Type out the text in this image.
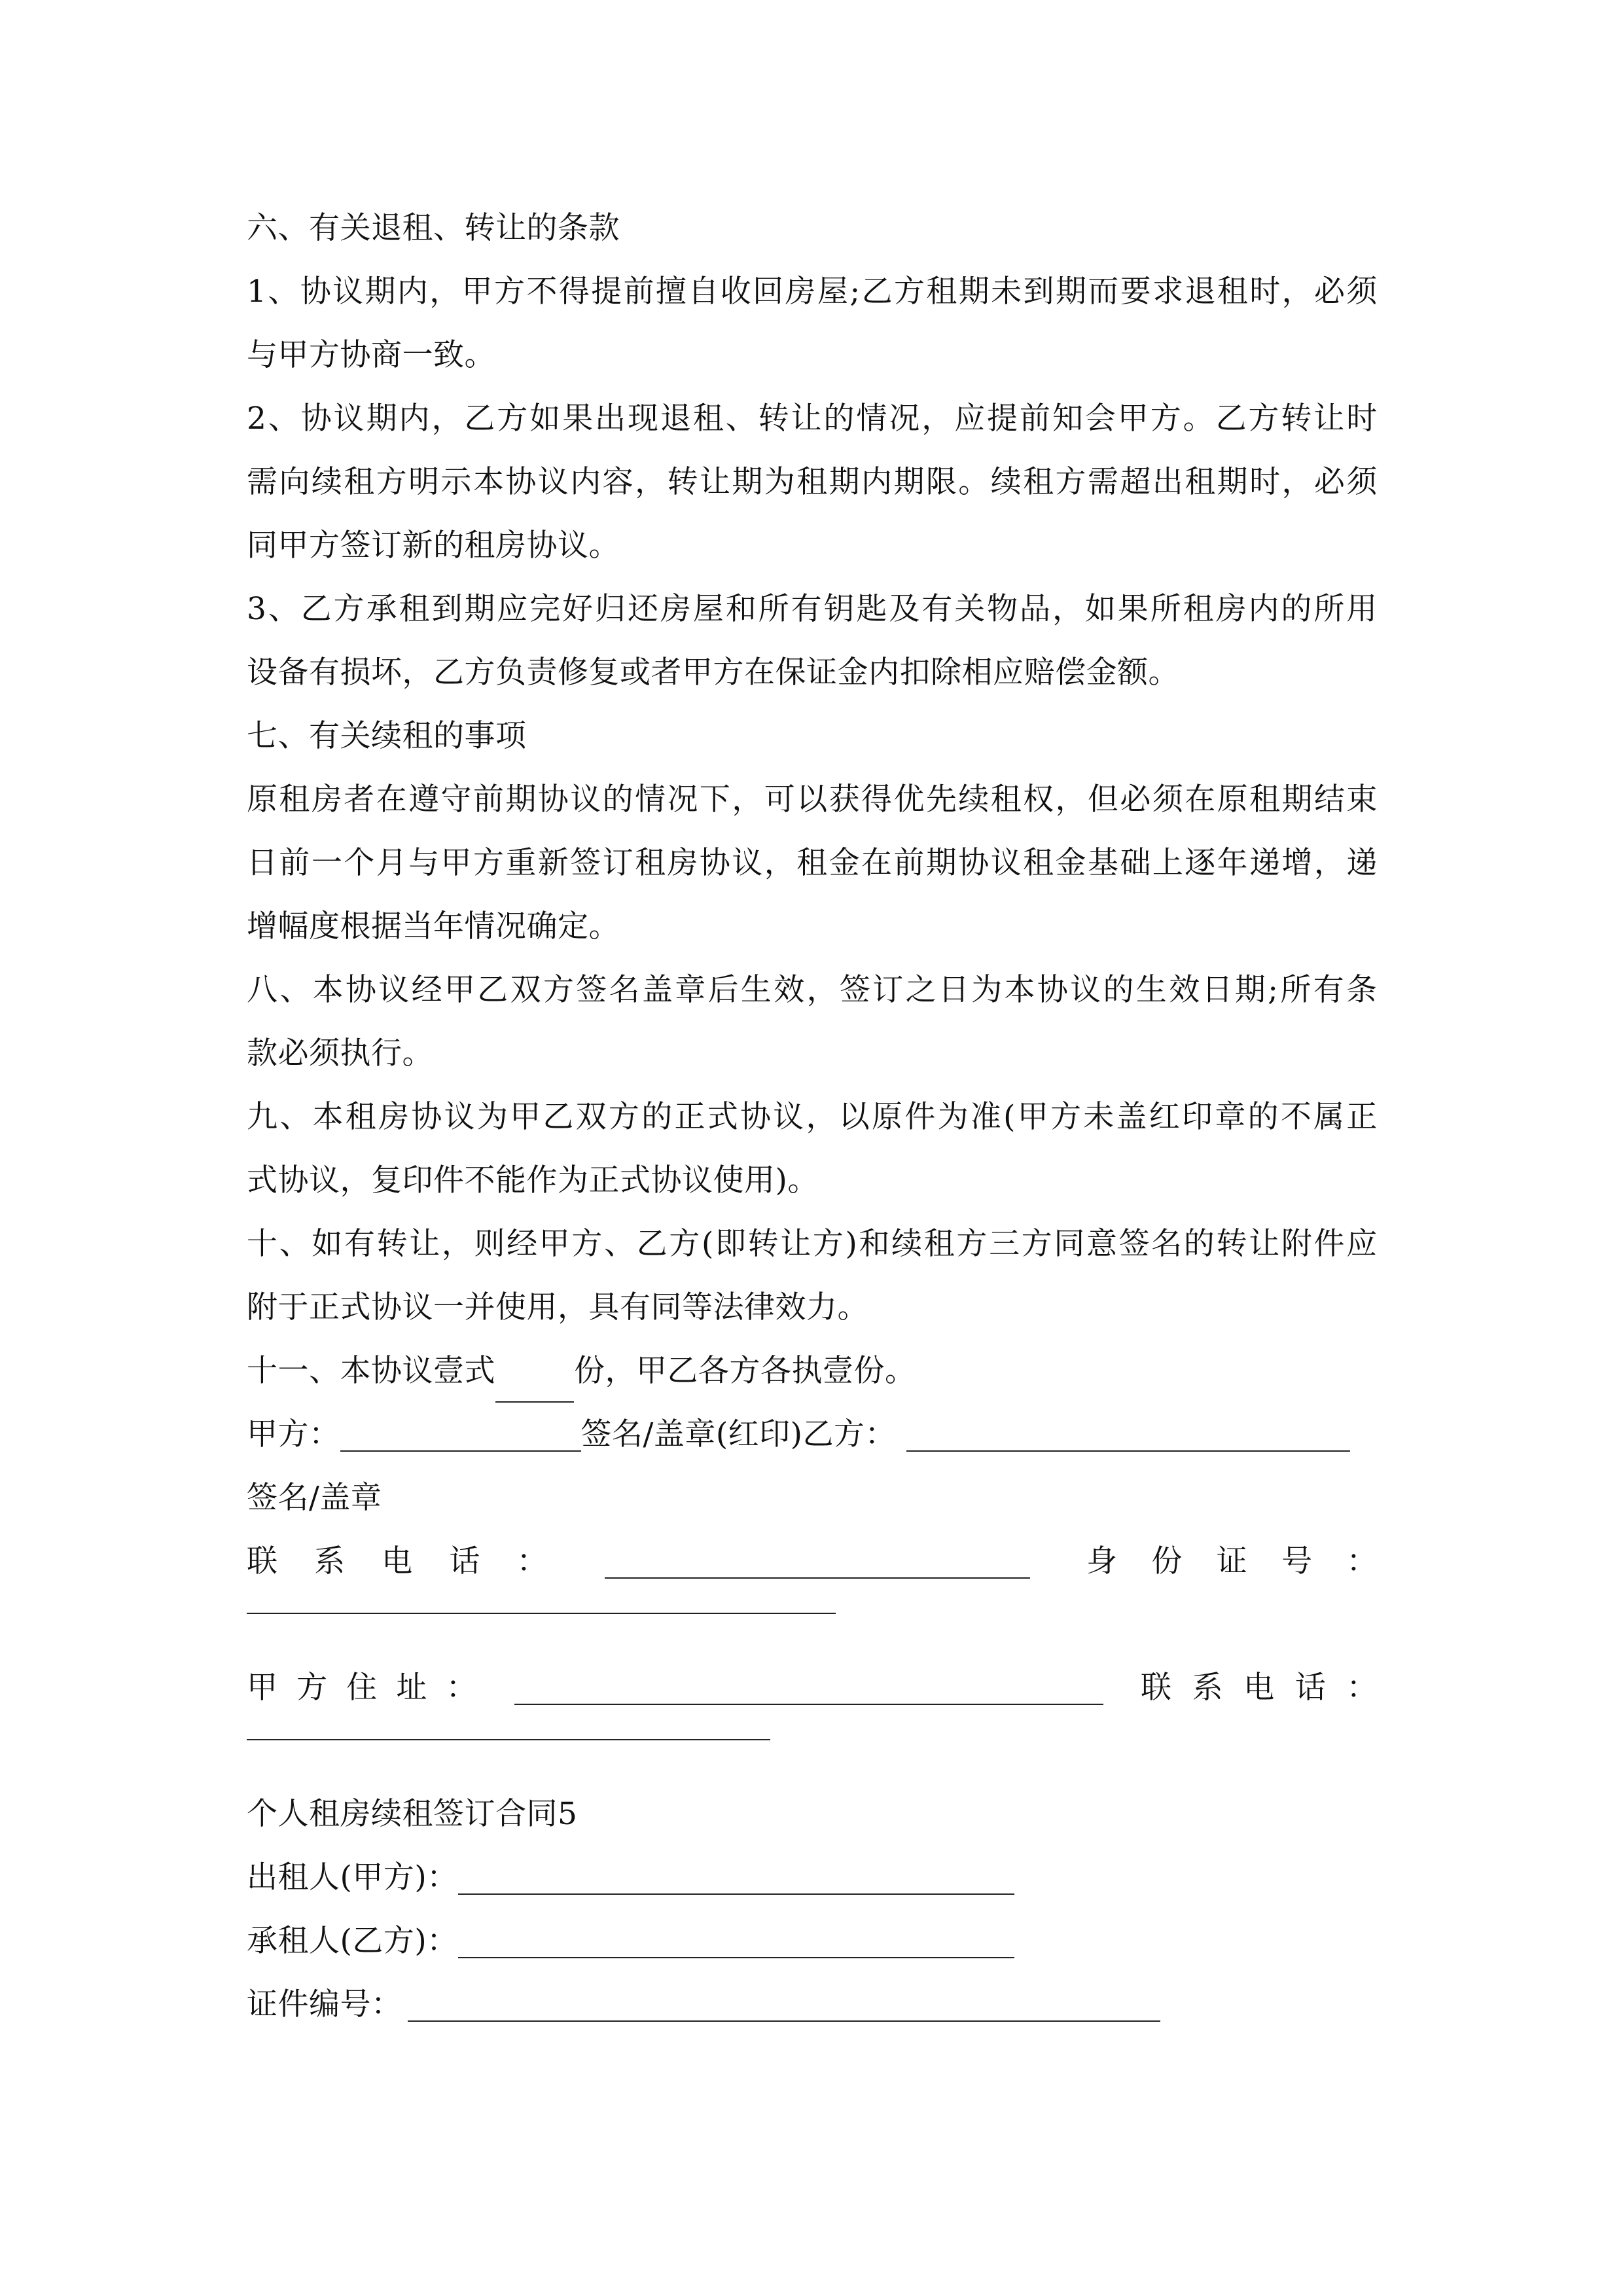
六、有关退租、转让的条款
1 、 协 议 期 内 ， 甲 方 不 得 提 前 擅 自 收 回 房 屋 ; 乙 方 租 期 未 到 期 而 要 求 退 租 时 ， 必 须
与甲方协商一致。
2 、 协 议 期 内 ， 乙 方 如 果 出 现 退 租 、 转 让 的 情 况 ， 应 提 前 知 会 甲 方 。 乙 方 转 让 时
需 向 续 租 方 明 示 本 协 议 内 容 ， 转 让 期 为 租 期 内 期 限 。 续 租 方 需 超 出 租 期 时 ， 必 须
同甲方签订新的租房协议。
3 、 乙 方 承 租 到 期 应 完 好 归 还 房 屋 和 所 有 钥 匙 及 有 关 物 品 ， 如 果 所 租 房 内 的 所 用
设备有损坏，乙方负责修复或者甲方在保证金内扣除相应赔偿金额。
七、有关续租的事项
原 租 房 者 在 遵 守 前 期 协 议 的 情 况 下 ， 可 以 获 得 优 先 续 租 权 ， 但 必 须 在 原 租 期 结 束
日 前 一 个 月 与 甲 方 重 新 签 订 租 房 协 议 ， 租 金 在 前 期 协 议 租 金 基 础 上 逐 年 递 增 ， 递
增幅度根据当年情况确定。
八 、 本 协 议 经 甲 乙 双 方 签 名 盖 章 后 生 效 ， 签 订 之 日 为 本 协 议 的 生 效 日 期 ; 所 有 条
款必须执行。
九 、 本 租 房 协 议 为 甲 乙 双 方 的 正 式 协 议 ， 以 原 件 为 准 ( 甲 方 未 盖 红 印 章 的 不 属 正
式协议，复印件不能作为正式协议使用)。
十 、 如 有 转 让 ， 则 经 甲 方 、 乙 方 ( 即 转 让 方 ) 和 续 租 方 三 方 同 意 签 名 的 转 让 附 件 应
附于正式协议一并使用，具有同等法律效力。
十一、本协议壹式	份，甲乙各方各执壹份。
甲方：	签名/盖章(红印)乙方：
签名/盖章
联 系 电 话 ：	身 份 证 号 ：
甲 方 住 址 ：	联 系 电 话 ：
个人租房续租签订合同5
出租人(甲方)：
承租人(乙方)：
证件编号：
